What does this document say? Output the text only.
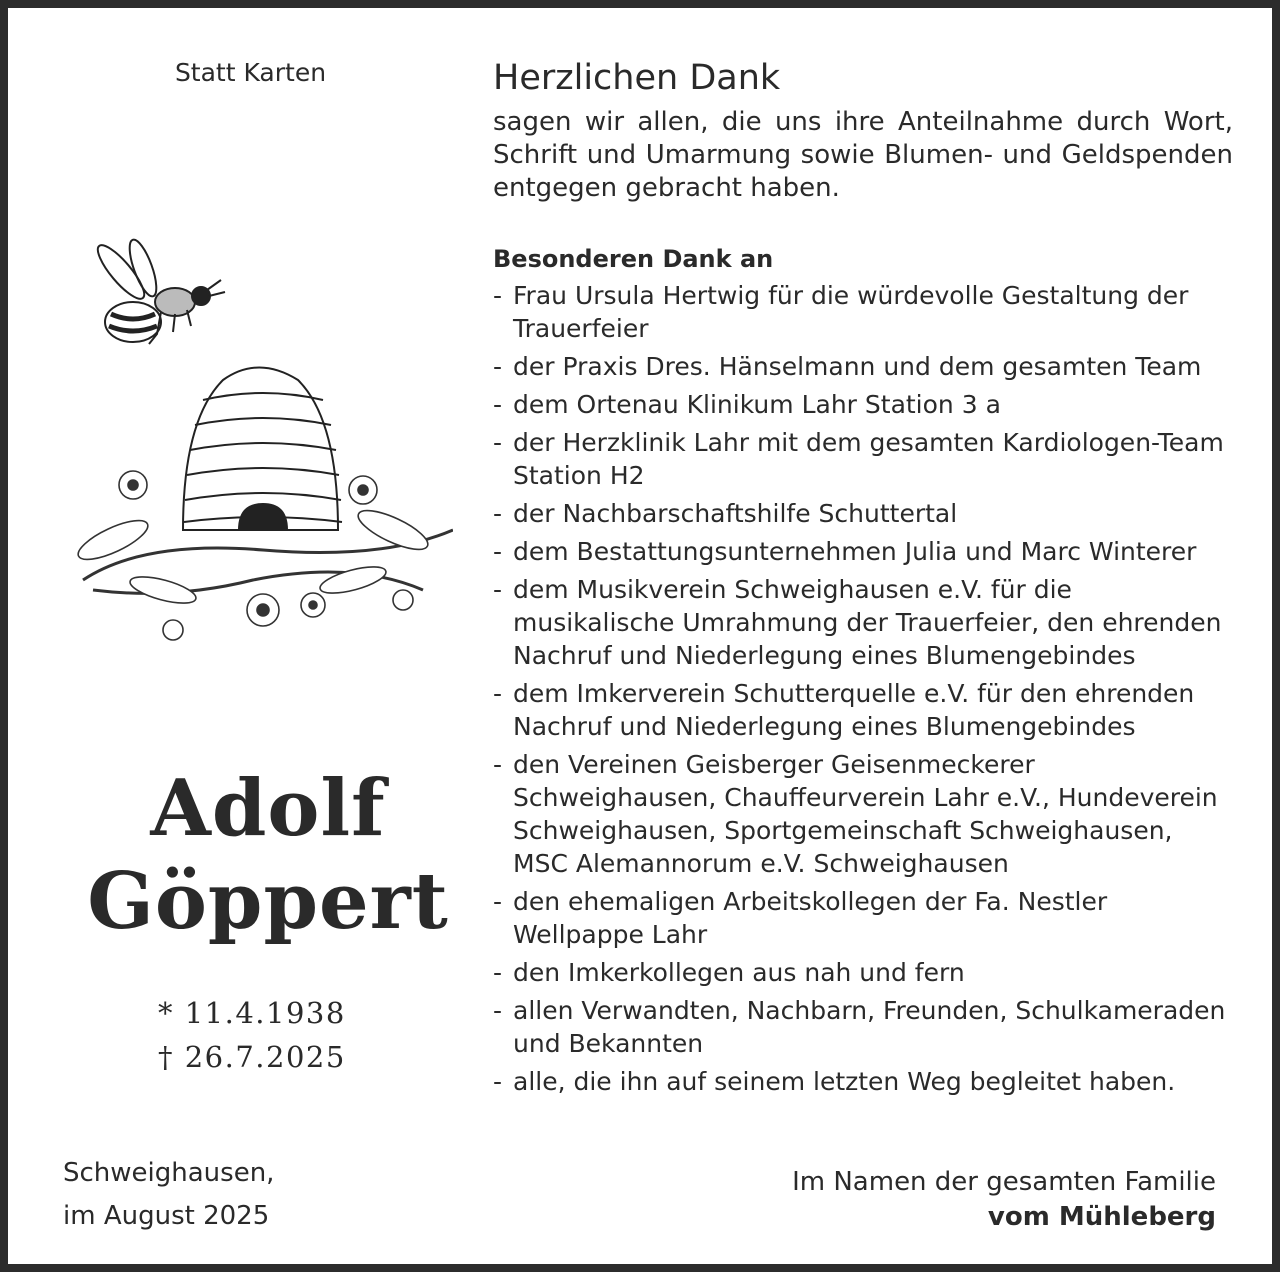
Statt Karten
Adolf
Göppert
* 11.4.1938
† 26.7.2025
Schweighausen,
im August 2025
Herzlichen Dank

sagen wir allen, die uns ihre Anteilnahme durch Wort, Schrift und Umarmung sowie Blumen- und Geldspenden entgegen gebracht haben.

Besonderen Dank an
- Frau Ursula Hertwig für die würdevolle Gestaltung der Trauerfeier
- der Praxis Dres. Hänselmann und dem gesamten Team
- dem Ortenau Klinikum Lahr Station 3 a
- der Herzklinik Lahr mit dem gesamten Kardiologen-Team Station H2
- der Nachbarschaftshilfe Schuttertal
- dem Bestattungsunternehmen Julia und Marc Winterer
- dem Musikverein Schweighausen e.V. für die musikalische Umrahmung der Trauerfeier, den ehrenden Nachruf und Niederlegung eines Blumengebindes
- dem Imkerverein Schutterquelle e.V. für den ehrenden Nachruf und Niederlegung eines Blumengebindes
- den Vereinen Geisberger Geisenmeckerer Schweighausen, Chauffeurverein Lahr e.V., Hundeverein Schweighausen, Sportgemeinschaft Schweighausen, MSC Alemannorum e.V. Schweighausen
- den ehemaligen Arbeitskollegen der Fa. Nestler Wellpappe Lahr
- den Imkerkollegen aus nah und fern
- allen Verwandten, Nachbarn, Freunden, Schulkameraden und Bekannten
- alle, die ihn auf seinem letzten Weg begleitet haben.
Im Namen der gesamten Familie
vom Mühleberg
